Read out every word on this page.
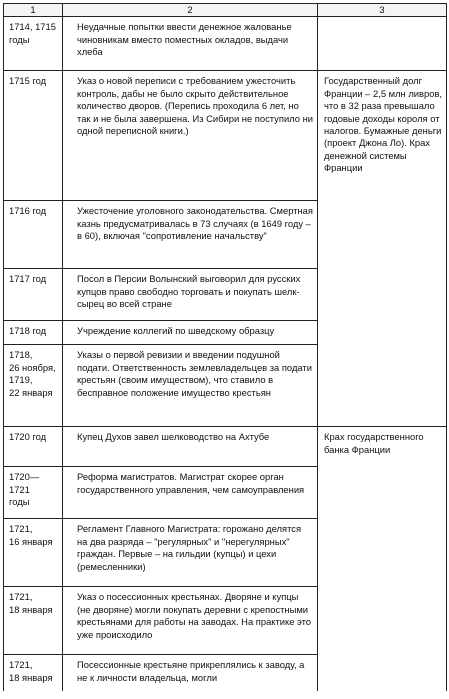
1	2	3

1714, 1715
годы	Неудачные попытки ввести денежное жалованье чиновникам вместо поместных окладов, выдачи хлеба	

1715 год	Указ о новой переписи с требованием ужесточить контроль, дабы не было скрыто действительное количество дворов. (Перепись проходила 6 лет, но так и не была завершена. Из Сибири не поступило ни одной переписной книги.)	Государственный долг Франции – 2,5 млн ливров, что в 32 раза превышало годовые доходы короля от налогов. Бумажные деньги (проект Джона Ло). Крах денежной системы Франции

1716 год	Ужесточение уголовного законодательства. Смертная казнь предусматривалась в 73 случаях (в 1649 году – в 60), включая "сопротивление начальству"	

1717 год	Посол в Персии Волынский выговорил для русских купцов право свободно торговать и покупать шелк-сырец во всей стране	

1718 год	Учреждение коллегий по шведскому образцу	

1718,
26 ноября,
1719,
22 января	Указы о первой ревизии и введении подушной подати. Ответственность землевладельцев за подати крестьян (своим имуществом), что ставило в бесправное положение имущество крестьян	

1720 год	Купец Духов завел шелководство на Ахтубе	Крах государственного банка Франции

1720—1721
годы	Реформа магистратов. Магистрат скорее орган государственного управления, чем самоуправления	

1721,
16 января	Регламент Главного Магистрата: горожано делятся на два разряда – "регулярных" и "нерегулярных" граждан. Первые – на гильдии (купцы) и цехи (ремесленники)	

1721,
18 января	Указ о посессионных крестьянах. Дворяне и купцы (не дворяне) могли покупать деревни с крепостными крестьянами для работы на заводах. На практике это уже происходило	

1721,
18 января	Посессионные крестьяне прикреплялись к заводу, а не к личности владельца, могли	
